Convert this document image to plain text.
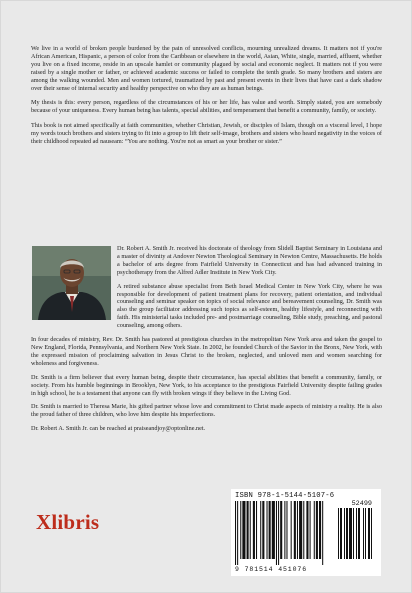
We live in a world of broken people burdened by the pain of unresolved conflicts, mourning unrealized dreams. It matters not if you're African American, Hispanic, a person of color from the Caribbean or elsewhere in the world, Asian, White, single, married, affluent, whether you live on a fixed income, reside in an upscale hamlet or community plagued by social and economic neglect. It matters not if you were raised by a single mother or father, or achieved academic success or failed to complete the tenth grade. So many brothers and sisters are among the walking wounded. Men and women tortured, traumatized by past and present events in their lives that have cast a dark shadow over their sense of internal security and healthy perspective on who they are as human beings.

My thesis is this: every person, regardless of the circumstances of his or her life, has value and worth. Simply stated, you are somebody because of your uniqueness. Every human being has talents, special abilities, and temperament that benefit a community, family, or society.

This book is not aimed specifically at faith communities, whether Christian, Jewish, or disciples of Islam, though on a visceral level, I hope my words touch brothers and sisters trying to fit into a group to lift their self-image, brothers and sisters who heard negativity in the voices of their childhood repeated ad nauseam: “You are nothing. You're not as smart as your brother or sister.”

Dr. Robert A. Smith Jr. received his doctorate of theology from Slidell Baptist Seminary in Louisiana and a master of divinity at Andover Newton Theological Seminary in Newton Centre, Massachusetts. He holds a bachelor of arts degree from Fairfield University in Connecticut and has had advanced training in psychotherapy from the Alfred Adler Institute in New York City.

A retired substance abuse specialist from Beth Israel Medical Center in New York City, where he was responsible for development of patient treatment plans for recovery, patient orientation, and individual counseling and seminar speaker on topics of social relevance and bereavement counseling, Dr. Smith was also the group facilitator addressing such topics as self-esteem, healthy lifestyle, and reconnecting with faith. His ministerial tasks included pre- and postmarriage counseling, Bible study, preaching, and pastoral counseling, among others.

In four decades of ministry, Rev. Dr. Smith has pastored at prestigious churches in the metropolitan New York area and taken the gospel to New England, Florida, Pennsylvania, and Northern New York State. In 2002, he founded Church of the Savior in the Bronx, New York, with the expressed mission of proclaiming salvation in Jesus Christ to the broken, neglected, and unloved men and women searching for wholeness and forgiveness.

Dr. Smith is a firm believer that every human being, despite their circumstance, has special abilities that benefit a community, family, or society. From his humble beginnings in Brooklyn, New York, to his acceptance to the prestigious Fairfield University despite failing grades in high school, he is a testament that anyone can fly with broken wings if they believe in the Living God.

Dr. Smith is married to Theresa Marie, his gifted partner whose love and commitment to Christ made aspects of ministry a reality. He is also the proud father of three children, who love him despite his imperfections.

Dr. Robert A. Smith Jr. can be reached at praiseandjoy@optonline.net.

Xlibris
ISBN 978-1-5144-5107-6
52499
9 781514 451076
